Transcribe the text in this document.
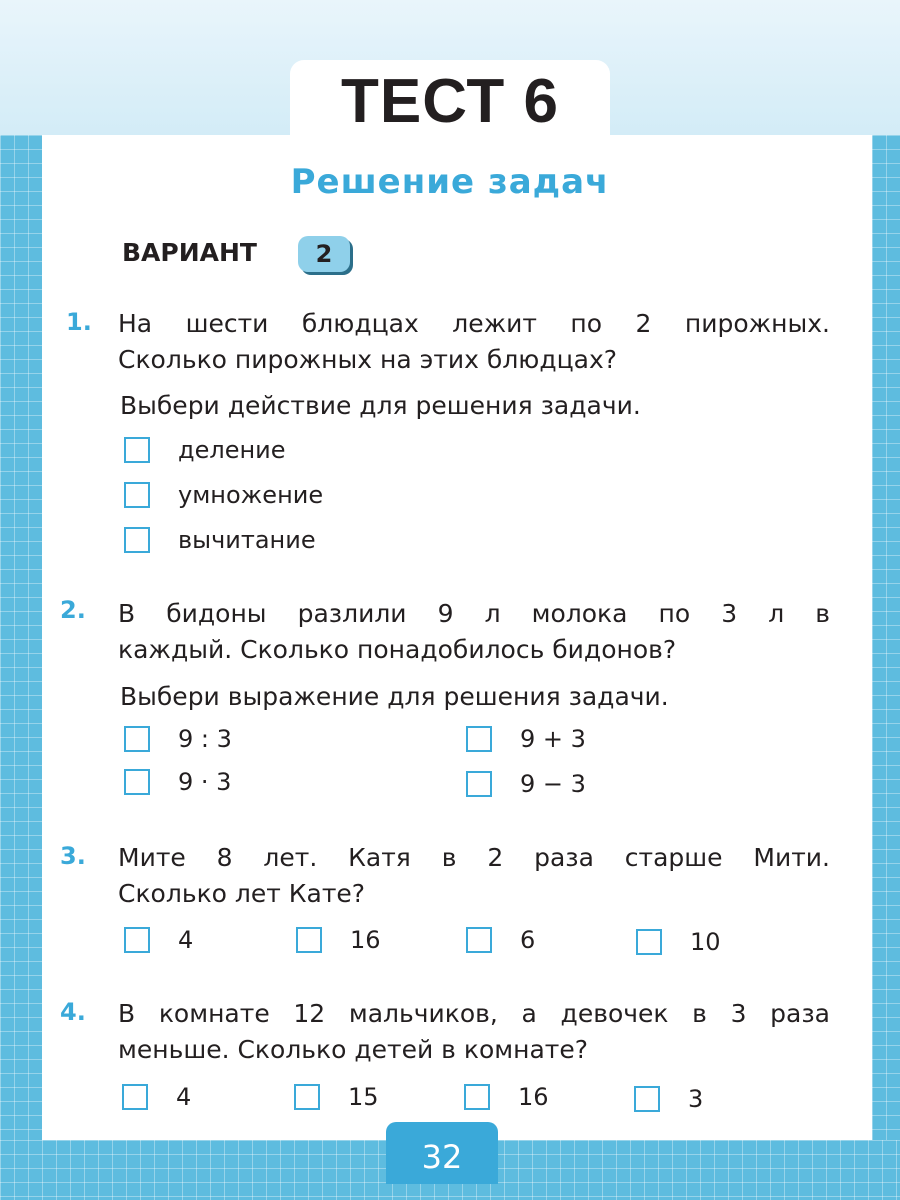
ТЕСТ 6
Решение задач
ВАРИАНТ	2
1. На шести блюдцах лежит по 2 пирожных.

Сколько пирожных на этих блюдцах?

Выбери действие для решения задачи.
деление
умножение
вычитание
2. В бидоны разлили 9 л молока по 3 л в

каждый. Сколько понадобилось бидонов?

Выбери выражение для решения задачи.
9 : 3	9 + 3
9 · 3	9 − 3
3. Мите 8 лет. Катя в 2 раза старше Мити.

Сколько лет Кате?

4	16	6	10
4. В комнате 12 мальчиков, а девочек в 3 раза

меньше. Сколько детей в комнате?

4	15	16	3
32
